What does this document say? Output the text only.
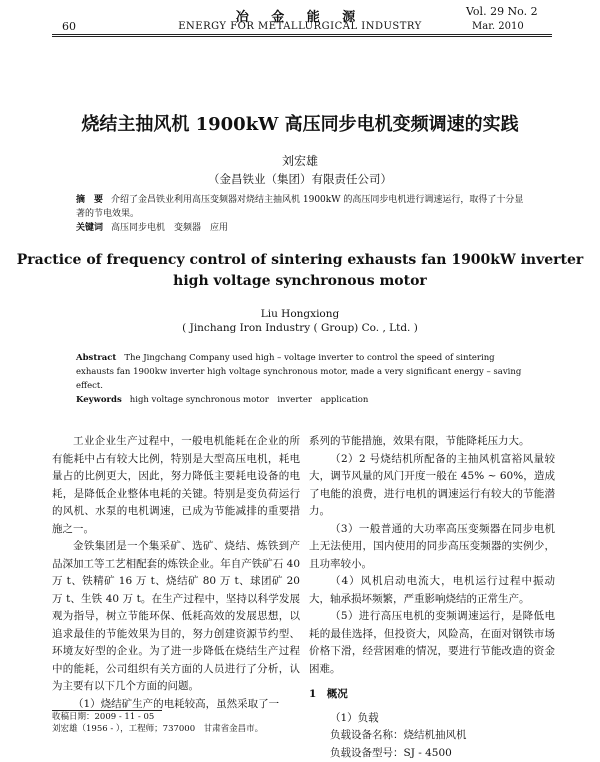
冶 金 能 源
60	ENERGY FOR METALLURGICAL INDUSTRY
Vol. 29 No. 2
Mar. 2010
烧结主抽风机 1900kW 高压同步电机变频调速的实践
刘宏雄
（金昌铁业（集团）有限责任公司）
摘　要 介绍了金昌铁业利用高压变频器对烧结主抽风机 1900kW 的高压同步电机进行调速运行，取得了十分显著的节电效果。
关键词 高压同步电机　变频器　应用
Practice of frequency control of sintering exhausts fan 1900kW inverter high voltage synchronous motor
Liu Hongxiong
( Jinchang Iron Industry ( Group) Co. , Ltd. )
Abstract The Jingchang Company used high – voltage inverter to control the speed of sintering exhausts fan 1900kw inverter high voltage synchronous motor, made a very significant energy – saving effect.
Keywords high voltage synchronous motor　inverter　application

工业企业生产过程中，一般电机能耗在企业的所有能耗中占有较大比例，特别是大型高压电机，耗电量占的比例更大，因此，努力降低主要耗电设备的电耗，是降低企业整体电耗的关键。特别是变负荷运行的风机、水泵的电机调速，已成为节能减排的重要措施之一。

金铁集团是一个集采矿、选矿、烧结、炼铁到产品深加工等工艺相配套的炼铁企业。年自产铁矿石 40 万 t、铁精矿 16 万 t、烧结矿 80 万 t、球团矿 20 万 t、生铁 40 万 t。在生产过程中，坚持以科学发展观为指导，树立节能环保、低耗高效的发展思想，以追求最佳的节能效果为目的，努力创建资源节约型、环境友好型的企业。为了进一步降低在烧结生产过程中的能耗，公司组织有关方面的人员进行了分析，认为主要有以下几个方面的问题。

（1）烧结矿生产的电耗较高，虽然采取了一

系列的节能措施，效果有限，节能降耗压力大。

（2）2 号烧结机所配备的主抽风机富裕风量较大，调节风量的风门开度一般在 45% ~ 60%，造成了电能的浪费，进行电机的调速运行有较大的节能潜力。

（3）一般普通的大功率高压变频器在同步电机上无法使用，国内使用的同步高压变频器的实例少，且功率较小。

（4）风机启动电流大，电机运行过程中振动大，轴承损坏频繁，严重影响烧结的正常生产。

（5）进行高压电机的变频调速运行，是降低电耗的最佳选择，但投资大，风险高，在面对钢铁市场价格下滑，经营困难的情况，要进行节能改造的资金困难。

1　概况

（1）负载

负载设备名称：烧结机抽风机

负载设备型号：SJ - 4500

收稿日期：2009 - 11 - 05
刘宏雄（1956 - ），工程师；737000　甘肃省金昌市。
